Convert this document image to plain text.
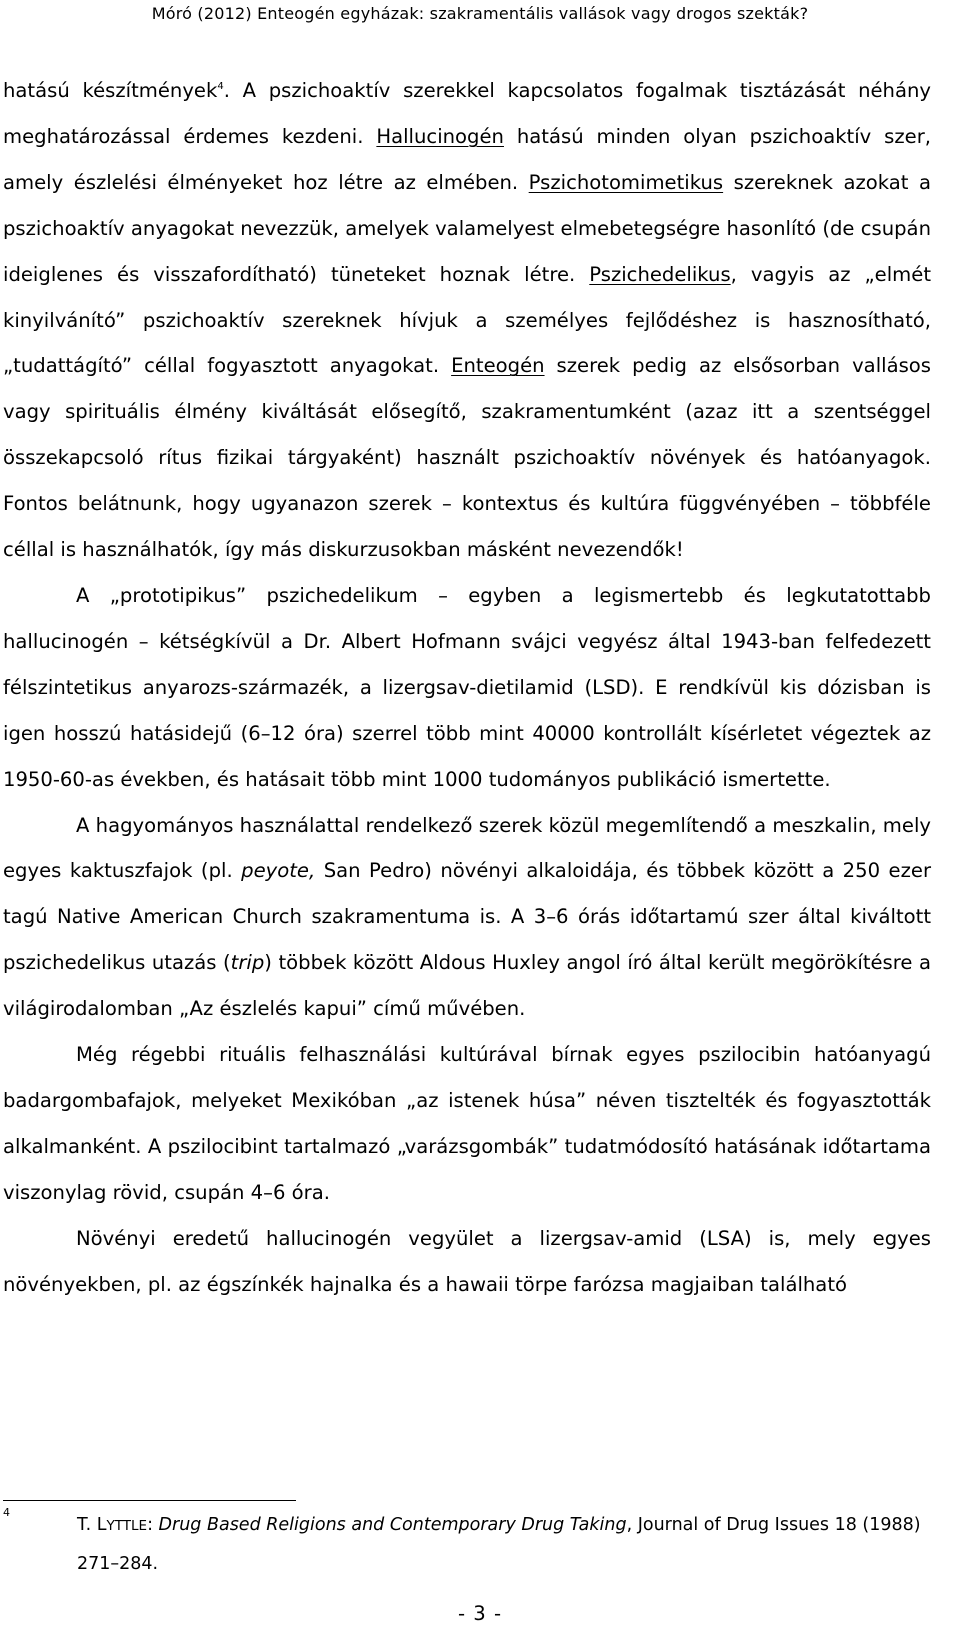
Móró (2012) Enteogén egyházak: szakramentális vallások vagy drogos szekták?

hatású készítmények$^4$. A pszichoaktív szerekkel kapcsolatos fogalmak tisztázását néhány meghatározással érdemes kezdeni. Hallucinogén hatású minden olyan pszichoaktív szer, amely észlelési élményeket hoz létre az elmében. Pszichotomimetikus szereknek azokat a pszichoaktív anyagokat nevezzük, amelyek valamelyest elmebetegségre hasonlító (de csupán ideiglenes és visszafordítható) tüneteket hoznak létre. Pszichedelikus, vagyis az „elmét kinyilvánító” pszichoaktív szereknek hívjuk a személyes fejlődéshez is hasznosítható, „tudattágító” céllal fogyasztott anyagokat. Enteogén szerek pedig az elsősorban vallásos vagy spirituális élmény kiváltását elősegítő, szakramentumként (azaz itt a szentséggel összekapcsoló rítus fizikai tárgyaként) használt pszichoaktív növények és hatóanyagok. Fontos belátnunk, hogy ugyanazon szerek – kontextus és kultúra függvényében – többféle céllal is használhatók, így más diskurzusokban másként nevezendők!

A „prototipikus” pszichedelikum – egyben a legismertebb és legkutatottabb hallucinogén – kétségkívül a Dr. Albert Hofmann svájci vegyész által 1943-ban felfedezett félszintetikus anyarozs-származék, a lizergsav-dietilamid (LSD). E rendkívül kis dózisban is igen hosszú hatásidejű (6–12 óra) szerrel több mint 40000 kontrollált kísérletet végeztek az 1950-60-as években, és hatásait több mint 1000 tudományos publikáció ismertette.

A hagyományos használattal rendelkező szerek közül megemlítendő a meszkalin, mely egyes kaktuszfajok (pl. peyote, San Pedro) növényi alkaloidája, és többek között a 250 ezer tagú Native American Church szakramentuma is. A 3–6 órás időtartamú szer által kiváltott pszichedelikus utazás (trip) többek között Aldous Huxley angol író által került megörökítésre a világirodalomban „Az észlelés kapui” című művében.

Még régebbi rituális felhasználási kultúrával bírnak egyes pszilocibin hatóanyagú badargombafajok, melyeket Mexikóban „az istenek húsa” néven tisztelték és fogyasztották alkalmanként. A pszilocibint tartalmazó „varázsgombák” tudatmódosító hatásának időtartama viszonylag rövid, csupán 4–6 óra.

Növényi eredetű hallucinogén vegyület a lizergsav-amid (LSA) is, mely egyes növényekben, pl. az égszínkék hajnalka és a hawaii törpe farózsa magjaiban található

4
T. LYTTLE: Drug Based Religions and Contemporary Drug Taking, Journal of Drug Issues 18 (1988) 271–284.
- 3 -
